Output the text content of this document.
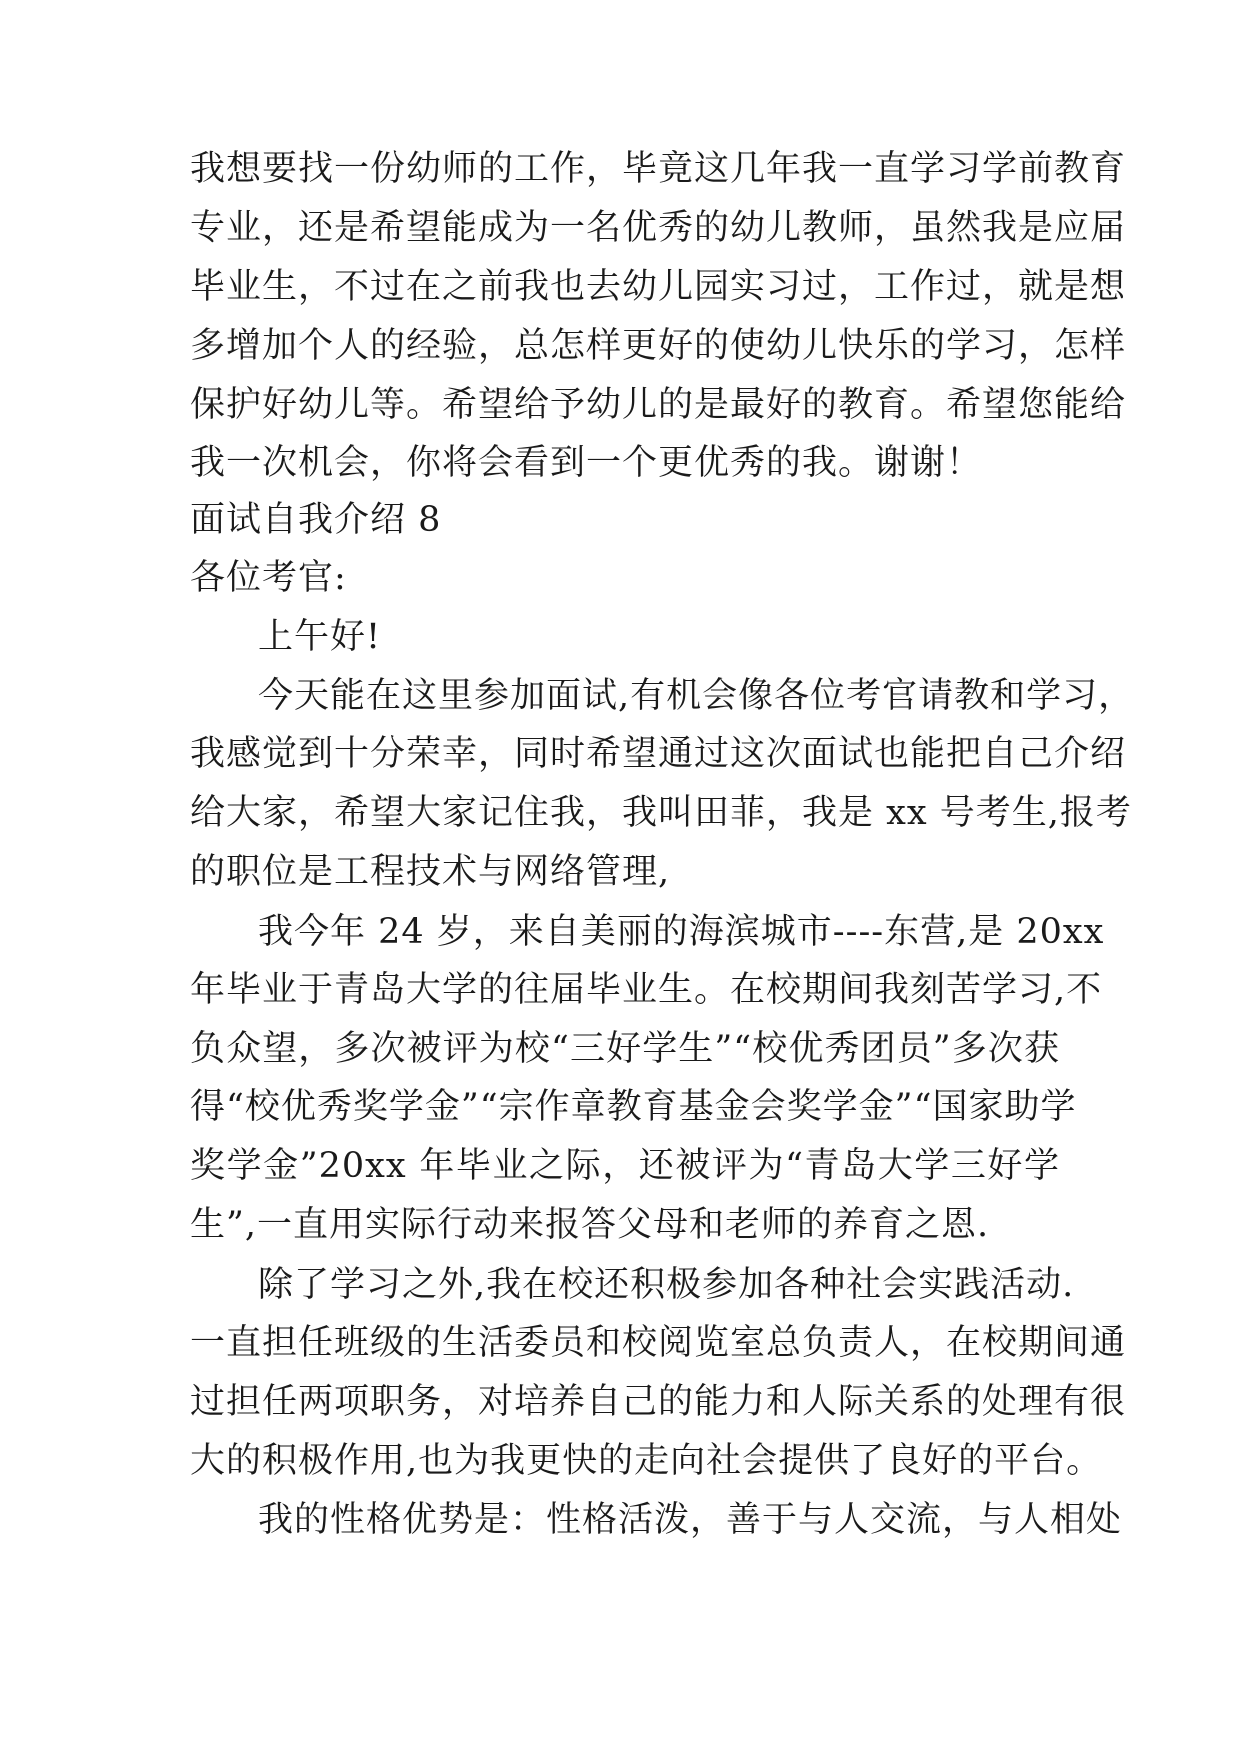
我想要找一份幼师的工作，毕竟这几年我一直学习学前教育
专业，还是希望能成为一名优秀的幼儿教师，虽然我是应届
毕业生，不过在之前我也去幼儿园实习过，工作过，就是想
多增加个人的经验，总怎样更好的使幼儿快乐的学习，怎样
保护好幼儿等。希望给予幼儿的是最好的教育。希望您能给
我一次机会，你将会看到一个更优秀的我。谢谢！
面试自我介绍 8
各位考官:
上午好!
今天能在这里参加面试,有机会像各位考官请教和学习，
我感觉到十分荣幸，同时希望通过这次面试也能把自己介绍
给大家，希望大家记住我，我叫田菲，我是 xx 号考生,报考
的职位是工程技术与网络管理,
我今年 24 岁，来自美丽的海滨城市----东营,是 20xx
年毕业于青岛大学的往届毕业生。在校期间我刻苦学习,不
负众望，多次被评为校“三好学生”“校优秀团员”多次获
得“校优秀奖学金”“宗作章教育基金会奖学金”“国家助学
奖学金”20xx 年毕业之际，还被评为“青岛大学三好学
生”,一直用实际行动来报答父母和老师的养育之恩.
除了学习之外,我在校还积极参加各种社会实践活动.
一直担任班级的生活委员和校阅览室总负责人，在校期间通
过担任两项职务，对培养自己的能力和人际关系的处理有很
大的积极作用,也为我更快的走向社会提供了良好的平台。
我的性格优势是：性格活泼，善于与人交流，与人相处
